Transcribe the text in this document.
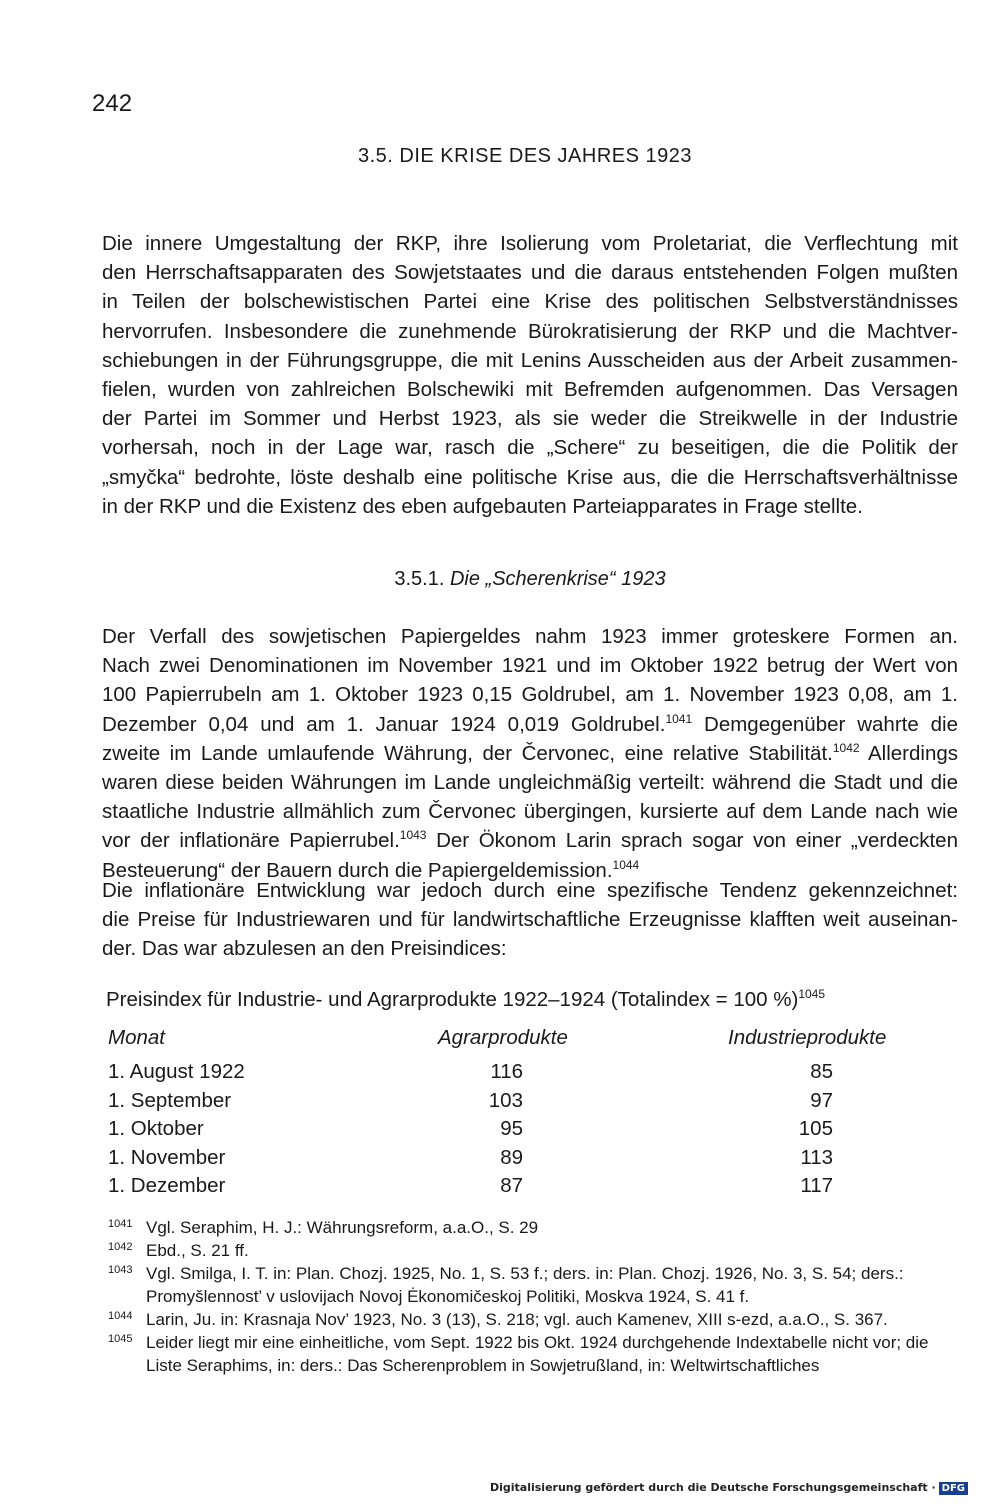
242
3.5. DIE KRISE DES JAHRES 1923

Die innere Umgestaltung der RKP, ihre Isolierung vom Proletariat, die Verflechtung mit
den Herrschaftsapparaten des Sowjetstaates und die daraus entstehenden Folgen mußten
in Teilen der bolschewistischen Partei eine Krise des politischen Selbstverständnisses
hervorrufen. Insbesondere die zunehmende Bürokratisierung der RKP und die Machtver-
schiebungen in der Führungsgruppe, die mit Lenins Ausscheiden aus der Arbeit zusammen-
fielen, wurden von zahlreichen Bolschewiki mit Befremden aufgenommen. Das Versagen
der Partei im Sommer und Herbst 1923, als sie weder die Streikwelle in der Industrie
vorhersah, noch in der Lage war, rasch die „Schere“ zu beseitigen, die die Politik der
„smyčka“ bedrohte, löste deshalb eine politische Krise aus, die die Herrschaftsverhältnisse
in der RKP und die Existenz des eben aufgebauten Parteiapparates in Frage stellte.

3.5.1. Die „Scherenkrise“ 1923

Der Verfall des sowjetischen Papiergeldes nahm 1923 immer groteskere Formen an.
Nach zwei Denominationen im November 1921 und im Oktober 1922 betrug der Wert von
100 Papierrubeln am 1. Oktober 1923 0,15 Goldrubel, am 1. November 1923 0,08, am 1.
Dezember 0,04 und am 1. Januar 1924 0,019 Goldrubel.$^{1041}$ Demgegenüber wahrte die
zweite im Lande umlaufende Währung, der Červonec, eine relative Stabilität.$^{1042}$ Allerdings
waren diese beiden Währungen im Lande ungleichmäßig verteilt: während die Stadt und die
staatliche Industrie allmählich zum Červonec übergingen, kursierte auf dem Lande nach wie
vor der inflationäre Papierrubel.$^{1043}$ Der Ökonom Larin sprach sogar von einer „verdeckten
Besteuerung“ der Bauern durch die Papiergeldemission.$^{1044}$

Die inflationäre Entwicklung war jedoch durch eine spezifische Tendenz gekennzeichnet:
die Preise für Industriewaren und für landwirtschaftliche Erzeugnisse klafften weit auseinan-
der. Das war abzulesen an den Preisindices:

Preisindex für Industrie- und Agrarprodukte 1922–1924 (Totalindex = 100 %)$^{1045}$
Monat	Agrarprodukte	Industrieprodukte
1. August 1922	116	85
1. September	103	97
1. Oktober	95	105
1. November	89	113
1. Dezember	87	117
1041 Vgl. Seraphim, H. J.: Währungsreform, a.a.O., S. 29
1042 Ebd., S. 21 ff.
1043 Vgl. Smilga, I. T. in: Plan. Chozj. 1925, No. 1, S. 53 f.; ders. in: Plan. Chozj. 1926, No. 3, S. 54; ders.: Promyšlennost’ v uslovijach Novoj Ėkonomičeskoj Politiki, Moskva 1924, S. 41 f.
1044 Larin, Ju. in: Krasnaja Nov’ 1923, No. 3 (13), S. 218; vgl. auch Kamenev, XIII s-ezd, a.a.O., S. 367.
1045 Leider liegt mir eine einheitliche, vom Sept. 1922 bis Okt. 1924 durchgehende Indextabelle nicht vor; die Liste Seraphims, in: ders.: Das Scherenproblem in Sowjetrußland, in: Weltwirtschaftliches
Digitalisierung gefördert durch die Deutsche Forschungsgemeinschaft · DFG
